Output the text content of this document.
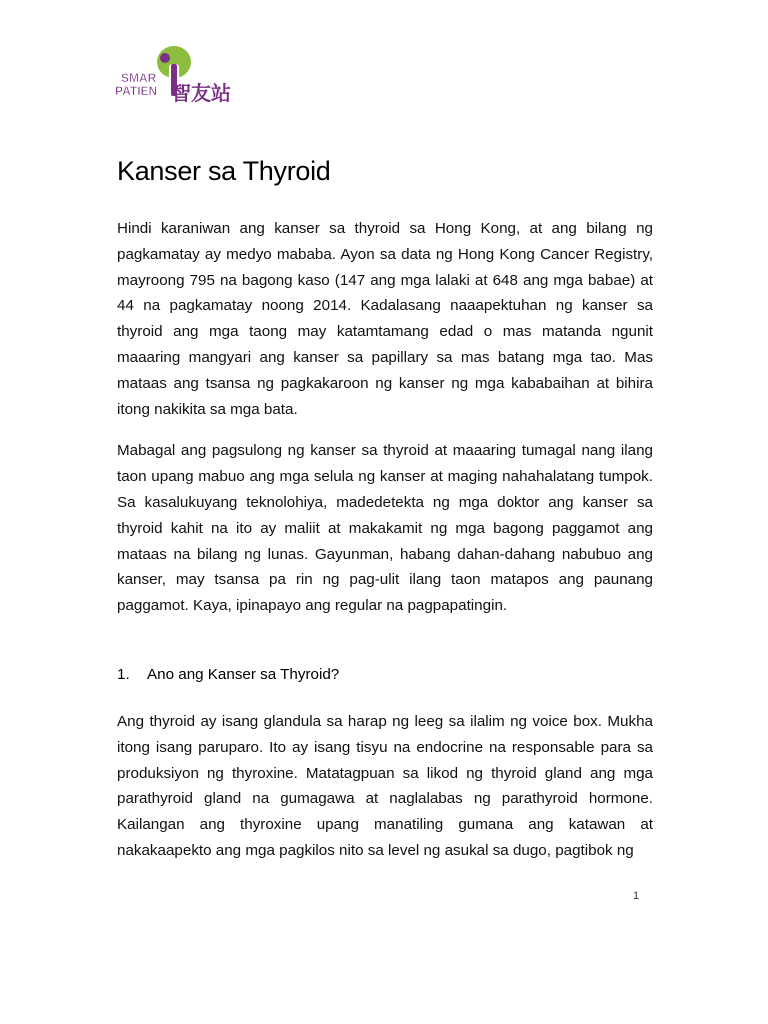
SMAR
PATIEN 智友站
Kanser sa Thyroid

Hindi karaniwan ang kanser sa thyroid sa Hong Kong, at ang bilang ng pagkamatay ay medyo mababa. Ayon sa data ng Hong Kong Cancer Registry, mayroong 795 na bagong kaso (147 ang mga lalaki at 648 ang mga babae) at 44 na pagkamatay noong 2014. Kadalasang naaapektuhan ng kanser sa thyroid ang mga taong may katamtamang edad o mas matanda ngunit maaaring mangyari ang kanser sa papillary sa mas batang mga tao. Mas mataas ang tsansa ng pagkakaroon ng kanser ng mga kababaihan at bihira itong nakikita sa mga bata.

Mabagal ang pagsulong ng kanser sa thyroid at maaaring tumagal nang ilang taon upang mabuo ang mga selula ng kanser at maging nahahalatang tumpok. Sa kasalukuyang teknolohiya, madedetekta ng mga doktor ang kanser sa thyroid kahit na ito ay maliit at makakamit ng mga bagong paggamot ang mataas na bilang ng lunas. Gayunman, habang dahan-dahang nabubuo ang kanser, may tsansa pa rin ng pag-ulit ilang taon matapos ang paunang paggamot. Kaya, ipinapayo ang regular na pagpapatingin.

1.	Ano ang Kanser sa Thyroid?

Ang thyroid ay isang glandula sa harap ng leeg sa ilalim ng voice box. Mukha itong isang paruparo. Ito ay isang tisyu na endocrine na responsable para sa produksiyon ng thyroxine. Matatagpuan sa likod ng thyroid gland ang mga parathyroid gland na gumagawa at naglalabas ng parathyroid hormone. Kailangan ang thyroxine upang manatiling gumana ang katawan at nakakaapekto ang mga pagkilos nito sa level ng asukal sa dugo, pagtibok ng

1
